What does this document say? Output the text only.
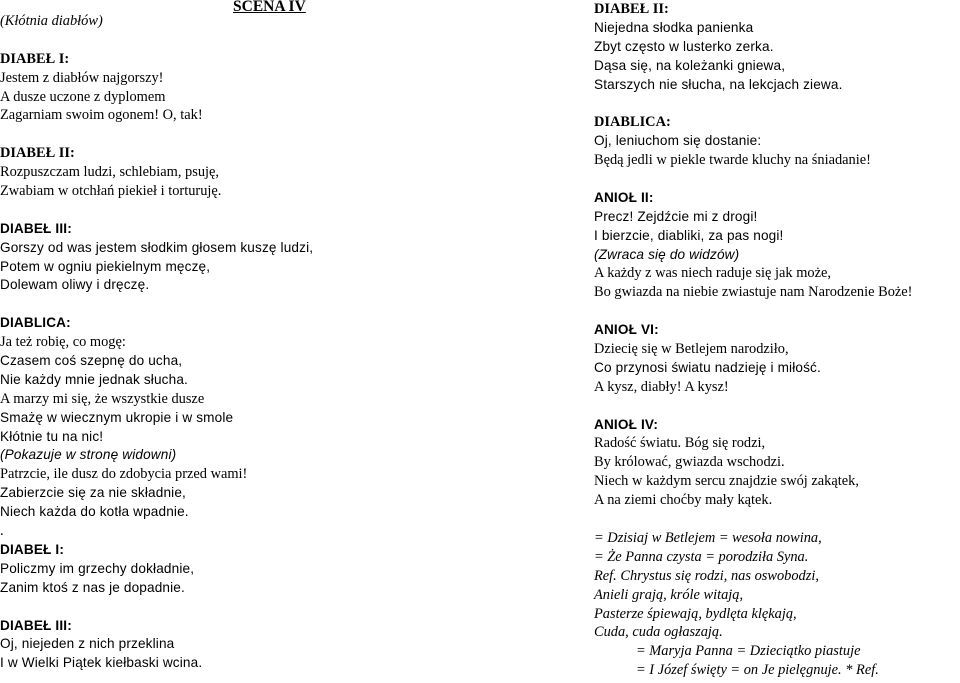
SCENA IV
(Kłótnia diabłów)
DIABEŁ I:
Jestem z diabłów najgorszy!
A dusze uczone z dyplomem
Zagarniam swoim ogonem! O, tak!
DIABEŁ II:
Rozpuszczam ludzi, schlebiam, psuję,
Zwabiam w otchłań piekieł i torturuję.
DIABEŁ III:
Gorszy od was jestem słodkim głosem kuszę ludzi,
Potem w ogniu piekielnym męczę,
Dolewam oliwy i dręczę.
DIABLICA:
Ja też robię, co mogę:
Czasem coś szepnę do ucha,
Nie każdy mnie jednak słucha.
A marzy mi się, że wszystkie dusze
Smażę w wiecznym ukropie i w smole
Kłótnie tu na nic!
(Pokazuje w stronę widowni)
Patrzcie, ile dusz do zdobycia przed wami!
Zabierzcie się za nie składnie,
Niech każda do kotła wpadnie.
.
DIABEŁ I:
Policzmy im grzechy dokładnie,
Zanim ktoś z nas je dopadnie.
DIABEŁ III:
Oj, niejeden z nich przeklina
I w Wielki Piątek kiełbaski wcina.
DIABEŁ II:
Niejedna słodka panienka
Zbyt często w lusterko zerka.
Dąsa się, na koleżanki gniewa,
Starszych nie słucha, na lekcjach ziewa.
DIABLICA:
Oj, leniuchom się dostanie:
Będą jedli w piekle twarde kluchy na śniadanie!
ANIOŁ II:
Precz! Zejdźcie mi z drogi!
I bierzcie, diabliki, za pas nogi!
(Zwraca się do widzów)
A każdy z was niech raduje się jak może,
Bo gwiazda na niebie zwiastuje nam Narodzenie Boże!
ANIOŁ VI:
Dziecię się w Betlejem narodziło,
Co przynosi światu nadzieję i miłość.
A kysz, diabły! A kysz!
ANIOŁ IV:
Radość światu. Bóg się rodzi,
By królować, gwiazda wschodzi.
Niech w każdym sercu znajdzie swój zakątek,
A na ziemi choćby mały kątek.
= Dzisiaj w Betlejem = wesoła nowina,
= Że Panna czysta = porodziła Syna.
Ref. Chrystus się rodzi, nas oswobodzi,
Anieli grają, króle witają,
Pasterze śpiewają, bydlęta klękają,
Cuda, cuda ogłaszają.
= Maryja Panna = Dzieciątko piastuje
= I Józef święty = on Je pielęgnuje. * Ref.
